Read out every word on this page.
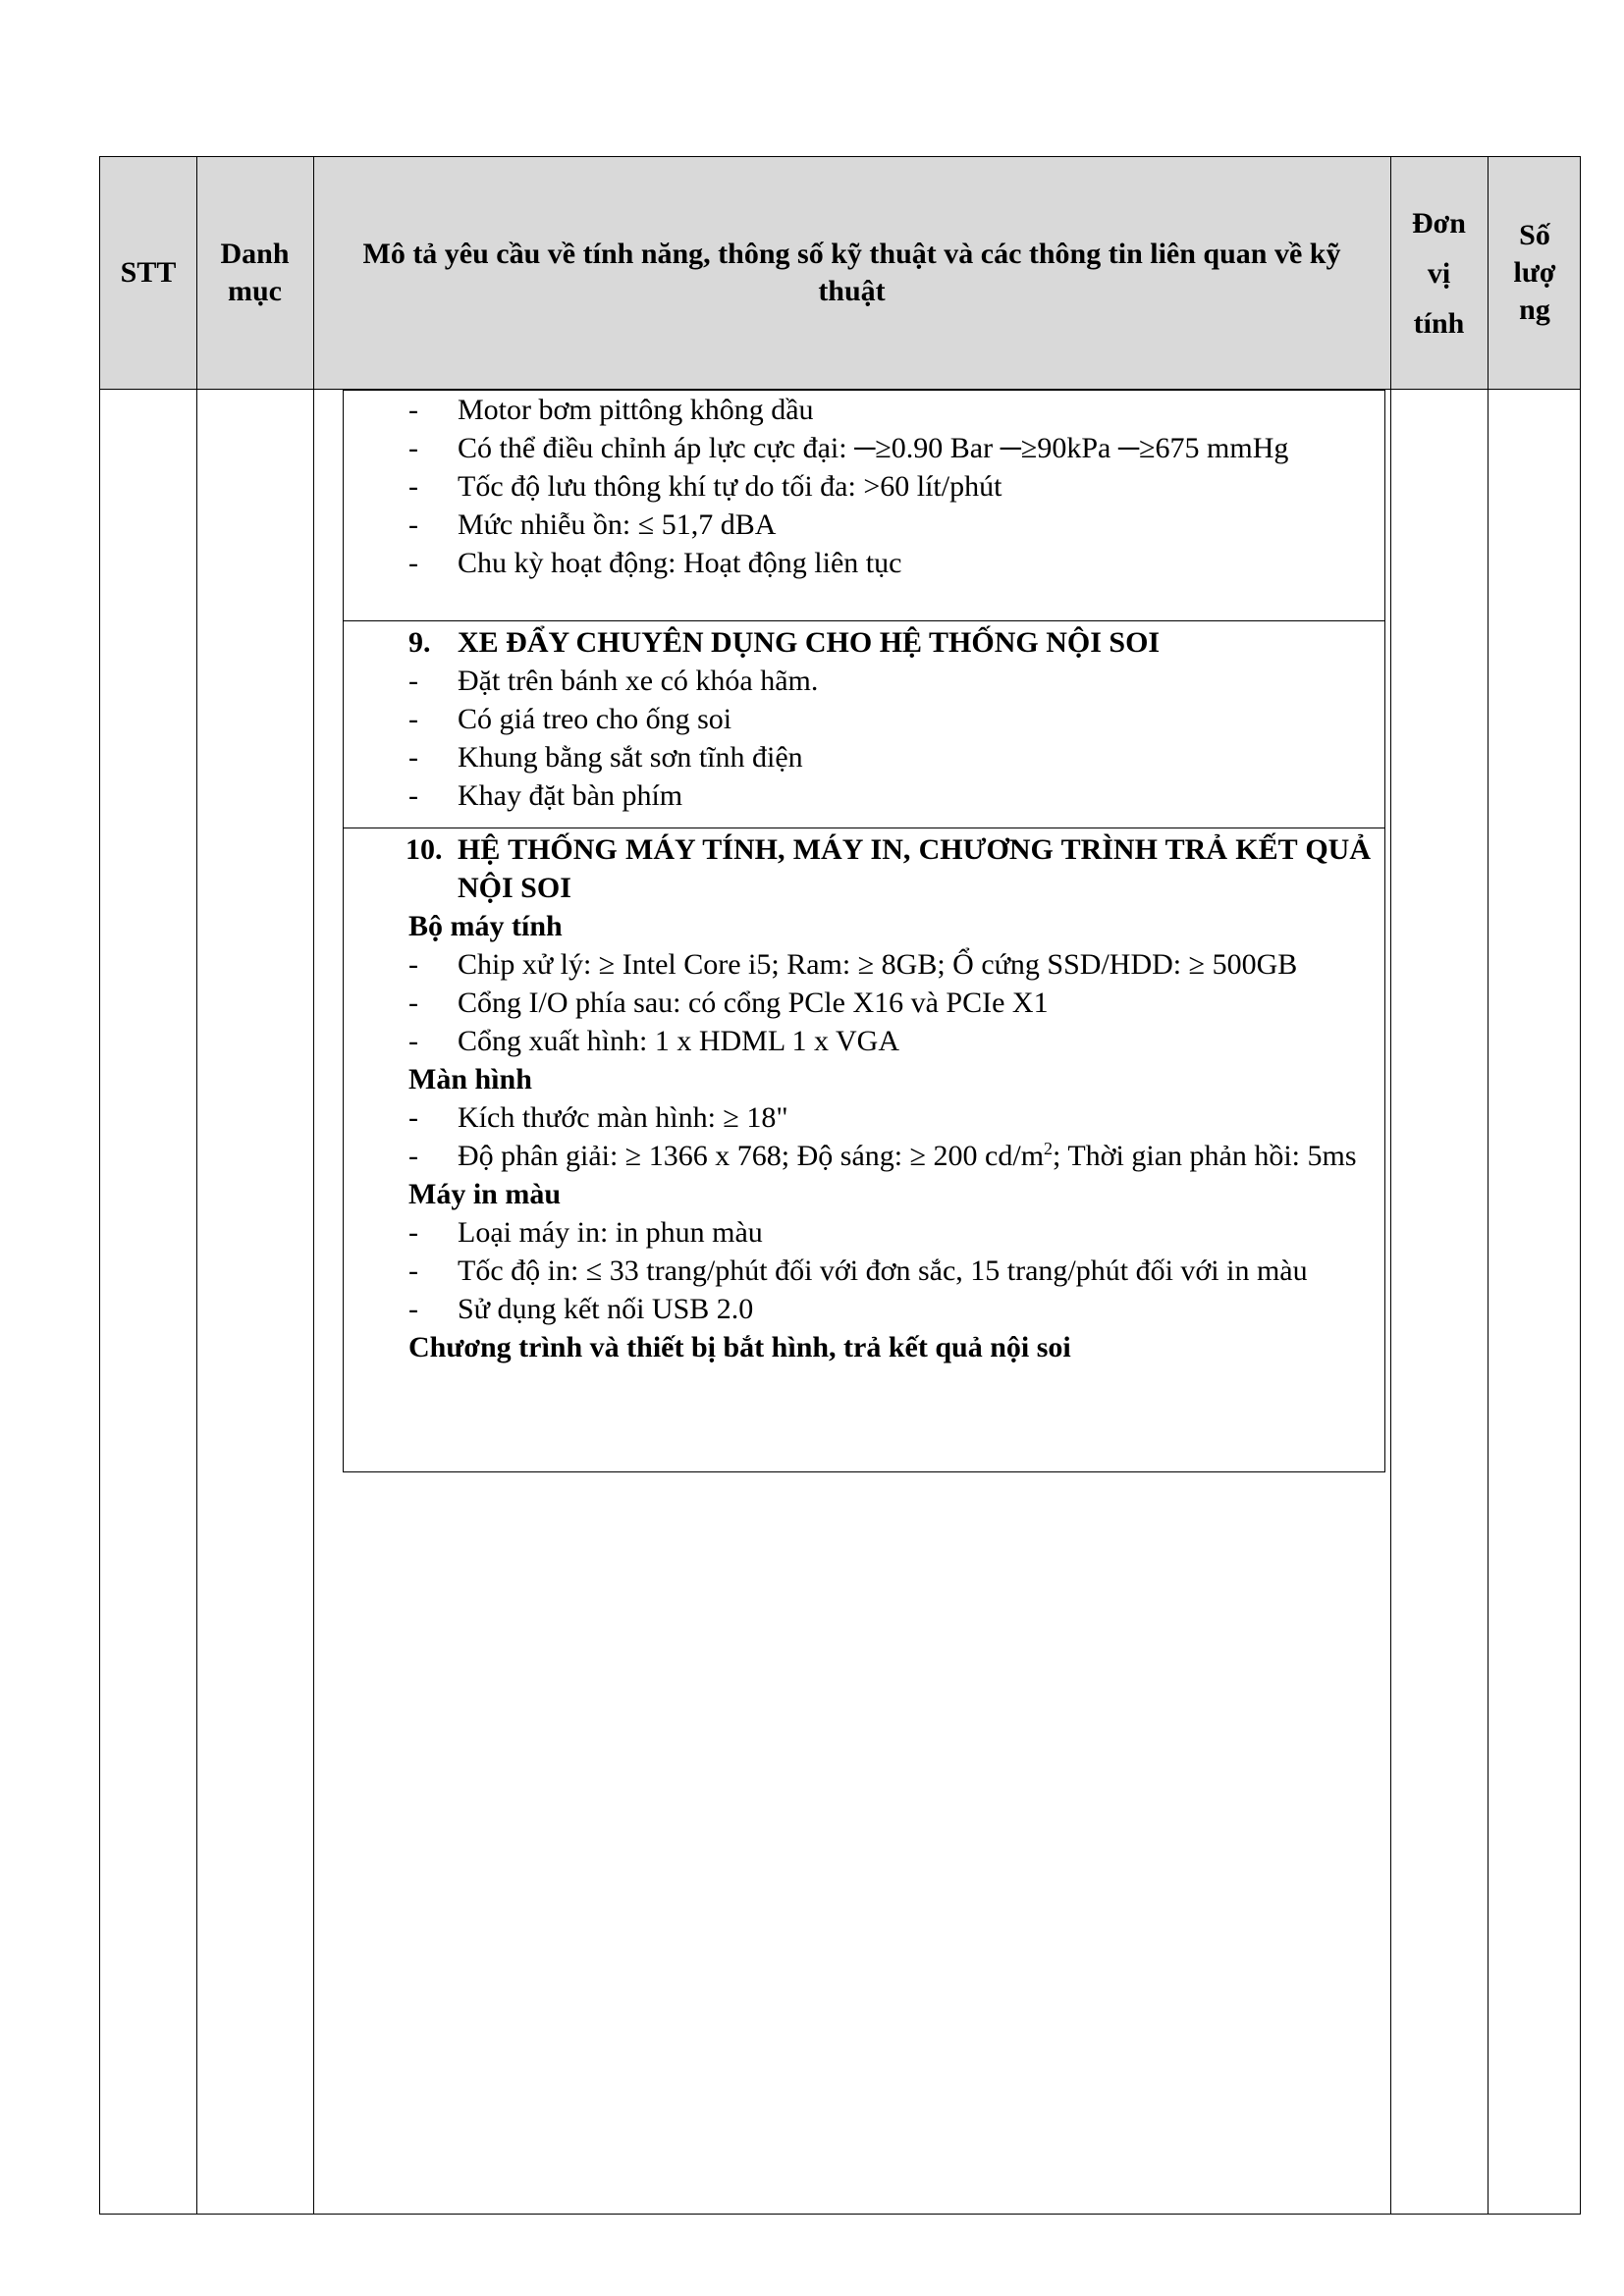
STT
Danh mục
Mô tả yêu cầu về tính năng, thông số kỹ thuật và các thông tin liên quan về kỹ thuật
Đơn
vị
tính
Số
lượ
ng
- Motor bơm pittông không dầu
- Có thể điều chỉnh áp lực cực đại: ─≥0.90 Bar ─≥90kPa ─≥675 mmHg
- Tốc độ lưu thông khí tự do tối đa: >60 lít/phút
- Mức nhiễu ồn: ≤ 51,7 dBA
- Chu kỳ hoạt động: Hoạt động liên tục
9. XE ĐẨY CHUYÊN DỤNG CHO HỆ THỐNG NỘI SOI
- Đặt trên bánh xe có khóa hãm.
- Có giá treo cho ống soi
- Khung bằng sắt sơn tĩnh điện
- Khay đặt bàn phím
10. HỆ THỐNG MÁY TÍNH, MÁY IN, CHƯƠNG TRÌNH TRẢ KẾT QUẢ NỘI SOI
Bộ máy tính
- Chip xử lý: ≥ Intel Core i5; Ram: ≥ 8GB; Ổ cứng SSD/HDD: ≥ 500GB
- Cổng I/O phía sau: có cổng PCle X16 và PCIe X1
- Cổng xuất hình: 1 x HDML 1 x VGA
Màn hình
- Kích thước màn hình: ≥ 18"
- Độ phân giải: ≥ 1366 x 768; Độ sáng: ≥ 200 $cd/m^2$; Thời gian phản hồi: 5ms
Máy in màu
- Loại máy in: in phun màu
- Tốc độ in: ≤ 33 trang/phút đối với đơn sắc, 15 trang/phút đối với in màu
- Sử dụng kết nối USB 2.0
Chương trình và thiết bị bắt hình, trả kết quả nội soi
